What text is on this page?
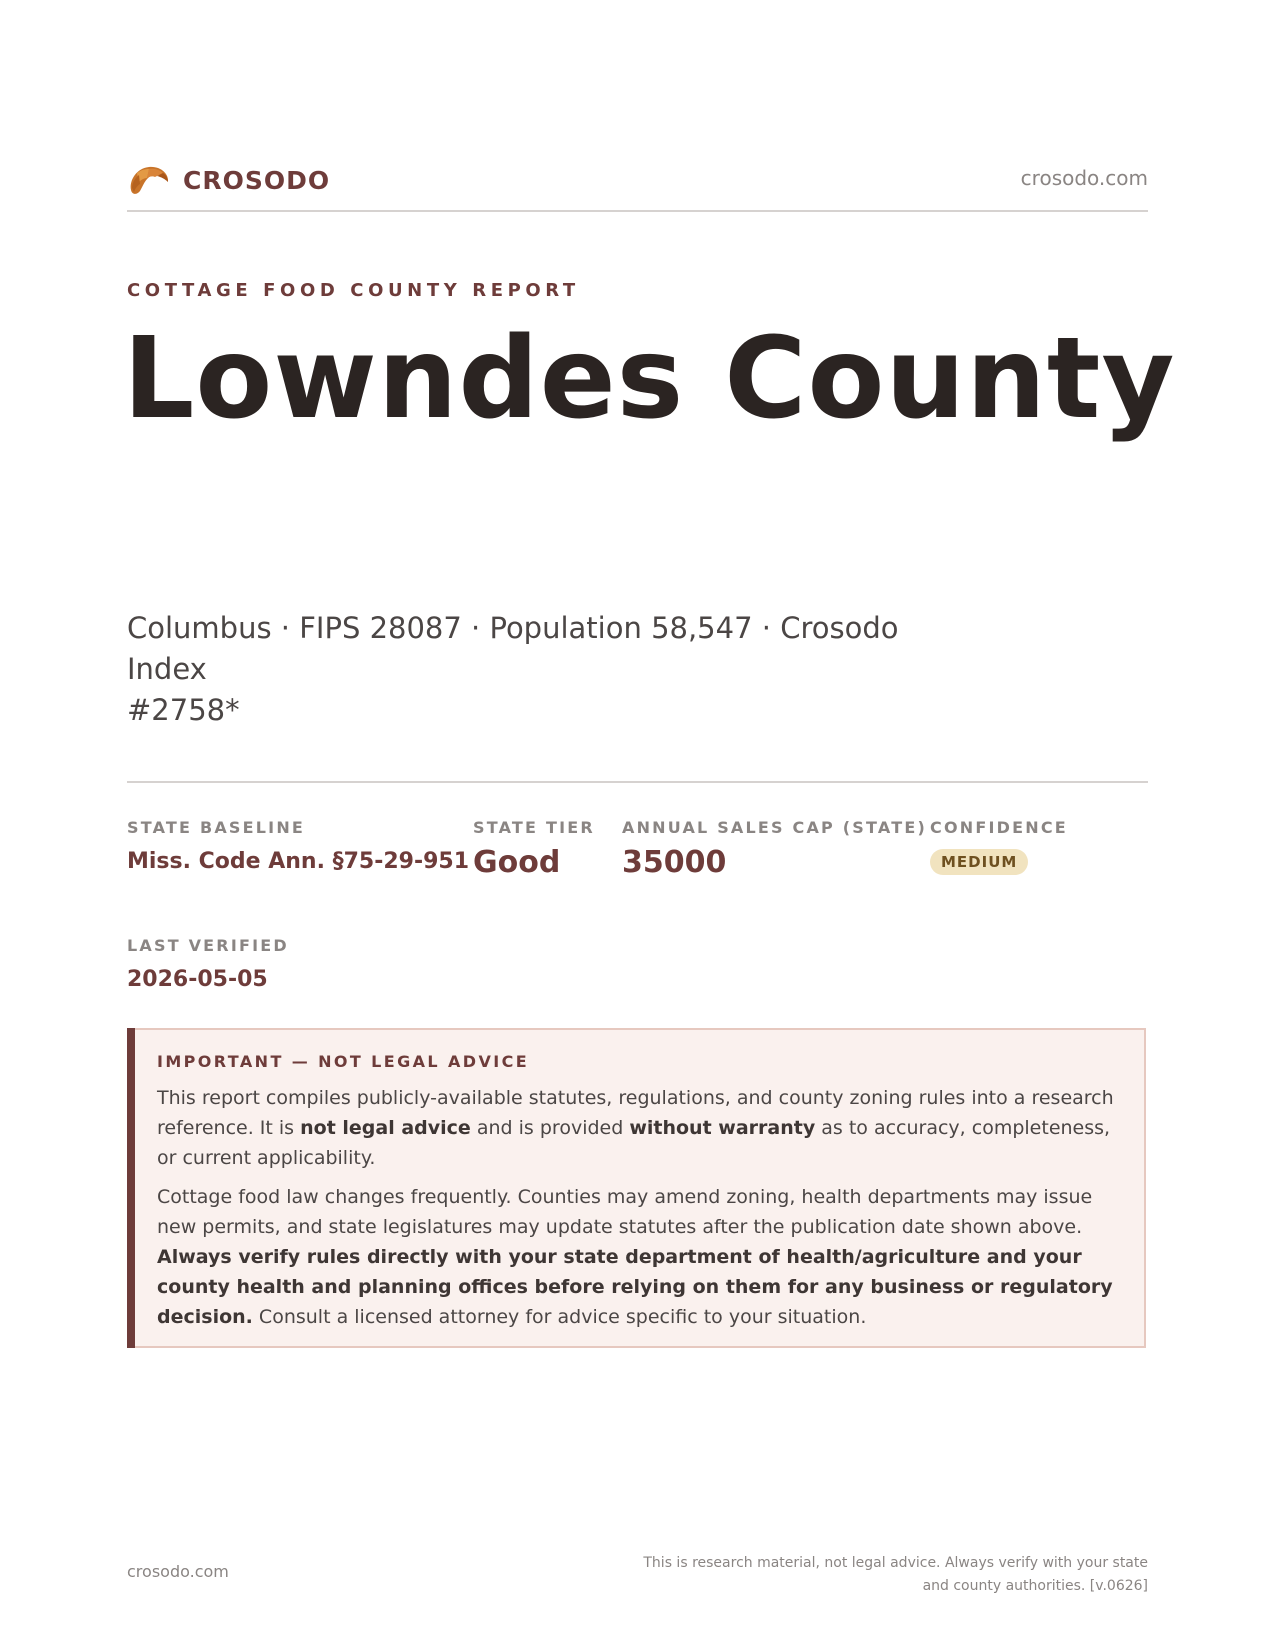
CROSODO	crosodo.com
COTTAGE FOOD COUNTY REPORT
Lowndes County
Columbus · FIPS 28087 · Population 58,547 · Crosodo Index
#2758*
STATE BASELINE
Miss. Code Ann. §75-29-951
STATE TIER
Good
ANNUAL SALES CAP (STATE)
35000
CONFIDENCE
MEDIUM
LAST VERIFIED
2026-05-05
IMPORTANT — NOT LEGAL ADVICE

This report compiles publicly-available statutes, regulations, and county zoning rules into a research reference. It is not legal advice and is provided without warranty as to accuracy, completeness, or current applicability.

Cottage food law changes frequently. Counties may amend zoning, health departments may issue new permits, and state legislatures may update statutes after the publication date shown above. Always verify rules directly with your state department of health/agriculture and your county health and planning offices before relying on them for any business or regulatory decision. Consult a licensed attorney for advice specific to your situation.

crosodo.com	This is research material, not legal advice. Always verify with your state
and county authorities. [v.0626]
